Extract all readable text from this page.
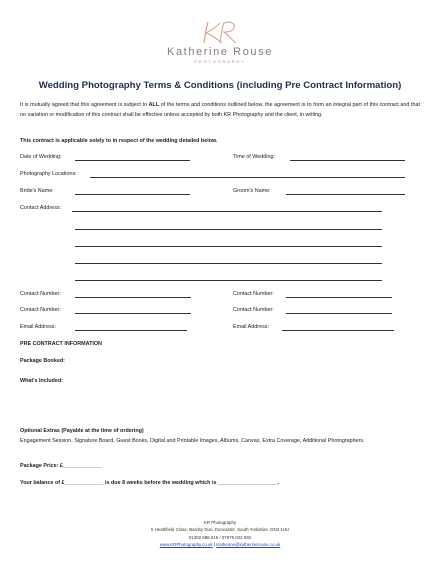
Katherine Rouse
PHOTOGRAPHY
Wedding Photography Terms & Conditions (including Pre Contract Information)
It is mutually agreed that this agreement is subject to ALL of the terms and conditions outlined below, the agreement is to form an integral part of this contract and that no variation or modification of this contract shall be effective unless accepted by both KR Photography and the client, in writing.
This contract is applicable solely to in respect of the wedding detailed below.
Date of Wedding:	Time of Wedding:
Photography Locations:
Bride's Name:	Groom's Name:
Contact Address:
Contact Number:	Contact Number:
Contact Number:	Contact Number:
Email Address:	Email Address:
PRE CONTRACT INFORMATION
Package Booked:
What's Included:
Optional Extras (Payable at the time of ordering)
Engagement Session, Signature Board, Guest Books, Digital and Printable Images, Albums, Canvas, Extra Coverage, Additional Photographers.
Package Price: £_____________
Your balance of £_____________ is due 8 weeks before the wedding which is ____________________.
KR Photography
5 Heathfield Close, Barnby Dun, Doncaster, South Yorkshire, DN3 1HU
01302 888 616 / 07876 022 592
www.KRPhotography.co.uk | Katherine@katherinerouse.co.uk
